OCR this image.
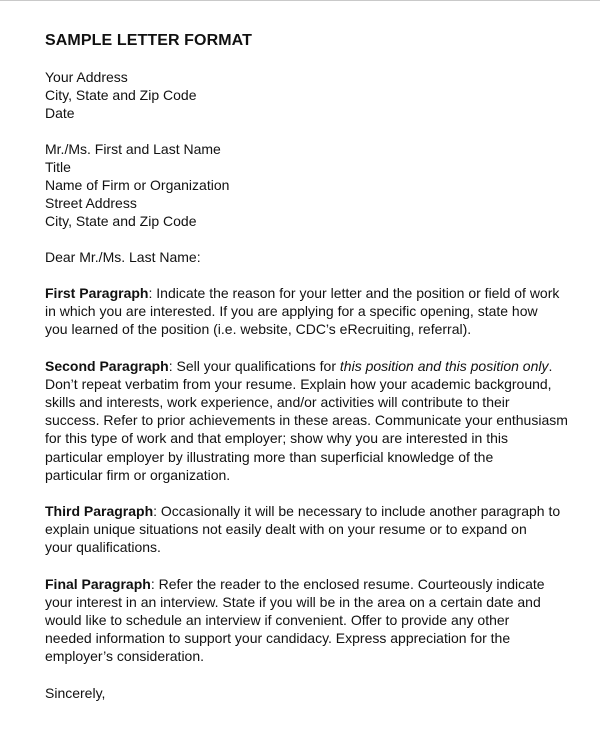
SAMPLE LETTER FORMAT
Your Address
City, State and Zip Code
Date
Mr./Ms. First and Last Name
Title
Name of Firm or Organization
Street Address
City, State and Zip Code
Dear Mr./Ms. Last Name:
First Paragraph: Indicate the reason for your letter and the position or field of work
in which you are interested. If you are applying for a specific opening, state how
you learned of the position (i.e. website, CDC’s eRecruiting, referral).
Second Paragraph: Sell your qualifications for this position and this position only.
Don’t repeat verbatim from your resume. Explain how your academic background,
skills and interests, work experience, and/or activities will contribute to their
success. Refer to prior achievements in these areas. Communicate your enthusiasm
for this type of work and that employer; show why you are interested in this
particular employer by illustrating more than superficial knowledge of the
particular firm or organization.
Third Paragraph: Occasionally it will be necessary to include another paragraph to
explain unique situations not easily dealt with on your resume or to expand on
your qualifications.
Final Paragraph: Refer the reader to the enclosed resume. Courteously indicate
your interest in an interview. State if you will be in the area on a certain date and
would like to schedule an interview if convenient. Offer to provide any other
needed information to support your candidacy. Express appreciation for the
employer’s consideration.
Sincerely,
